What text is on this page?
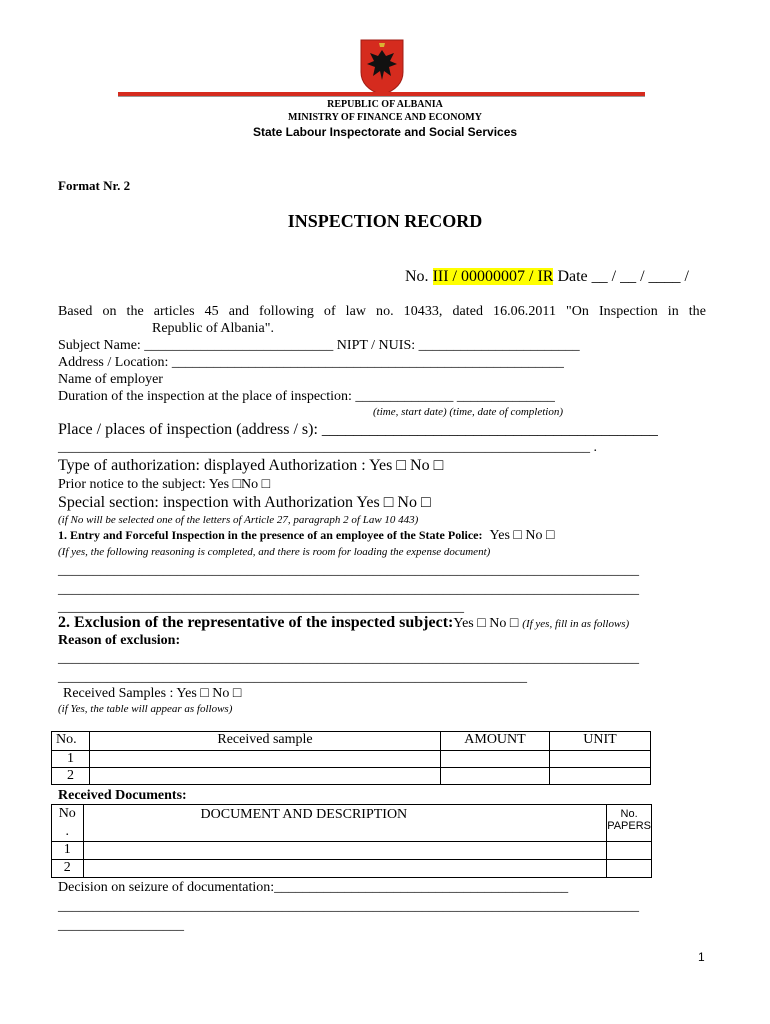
REPUBLIC OF ALBANIA
MINISTRY OF FINANCE AND ECONOMY
State Labour Inspectorate and Social Services
Format Nr. 2
INSPECTION RECORD
No. III / 00000007 / IR Date __ / __ / ____ /
Based on the articles 45 and following of law no. 10433, dated 16.06.2011 "On Inspection in the
Republic of Albania".
Subject Name: ___________________________ NIPT / NUIS: _______________________
Address / Location: ________________________________________________________
Name of employer
Duration of the inspection at the place of inspection: ______________ ______________
(time, start date) (time, date of completion)
Place / places of inspection (address / s): __________________________________________
____________________________________________________________________________ .
Type of authorization: displayed Authorization : Yes □ No □
Prior notice to the subject: Yes □No □
Special section: inspection with Authorization Yes □ No □
(if No will be selected one of the letters of Article 27, paragraph 2 of Law 10 443)
1. Entry and Forceful Inspection in the presence of an employee of the State Police: Yes □ No □
(If yes, the following reasoning is completed, and there is room for loading the expense document)
___________________________________________________________________________________
___________________________________________________________________________________
__________________________________________________________
2. Exclusion of the representative of the inspected subject:Yes □ No □ (If yes, fill in as follows)
Reason of exclusion:
___________________________________________________________________________________
___________________________________________________________________
Received Samples : Yes □ No □
(if Yes, the table will appear as follows)
No.	Received sample	AMOUNT	UNIT
1			
2			
Received Documents:
No
.	DOCUMENT AND DESCRIPTION	No. PAPERS
1		
2		
Decision on seizure of documentation:__________________________________________
___________________________________________________________________________________
__________________
1
